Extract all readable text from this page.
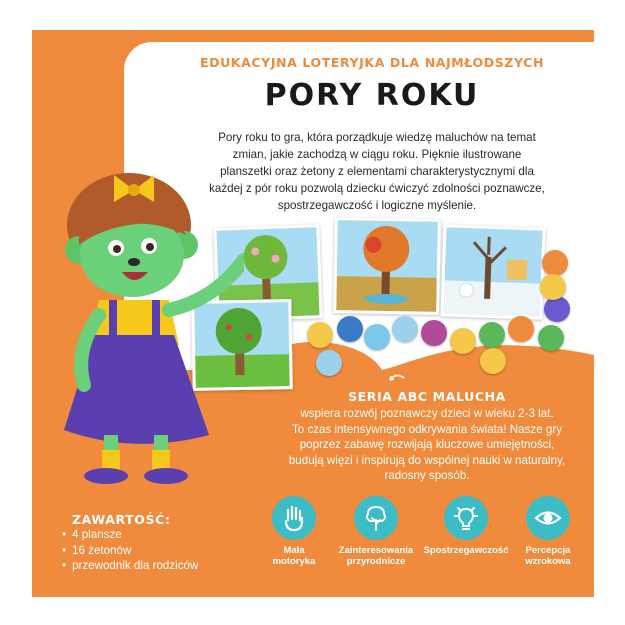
EDUKACYJNA LOTERYJKA DLA NAJMŁODSZYCH
PORY ROKU
Pory roku to gra, która porządkuje wiedzę maluchów na temat
zmian, jakie zachodzą w ciągu roku. Pięknie ilustrowane
planszetki oraz żetony z elementami charakterystycznymi dla
każdej z pór roku pozwolą dziecku ćwiczyć zdolności poznawcze,
spostrzegawczość i logiczne myślenie.
SERIA ABC MALUCHA
wspiera rozwój poznawczy dzieci w wieku 2-3 lat.
To czas intensywnego odkrywania świata! Nasze gry
poprzez zabawę rozwijają kluczowe umiejętności,
budują więzi i inspirują do wspólnej nauki w naturalny,
radosny sposób.
ZAWARTOŚĆ:
• 4 plansze
• 16 żetonów
• przewodnik dla rodziców
Mała
motoryka
Zainteresowania
przyrodnicze
Spostrzegawczość	Percepcja
wzrokowa
